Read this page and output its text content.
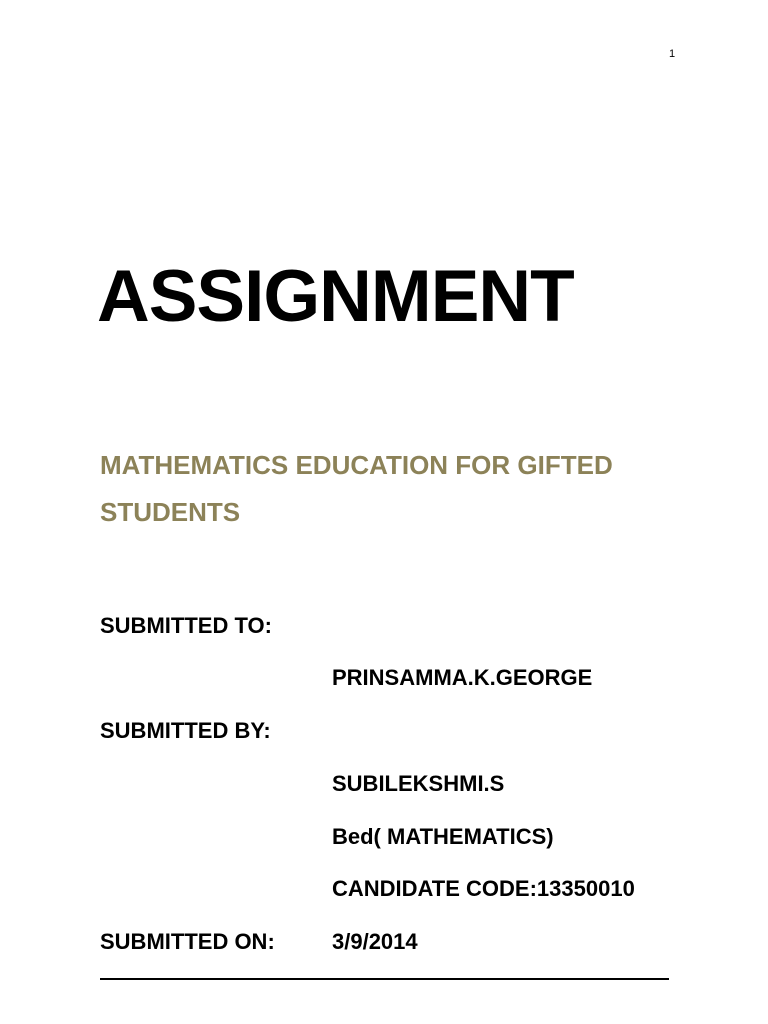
1
ASSIGNMENT
MATHEMATICS EDUCATION FOR GIFTED
STUDENTS
SUBMITTED TO:
PRINSAMMA.K.GEORGE
SUBMITTED BY:
SUBILEKSHMI.S
Bed( MATHEMATICS)
CANDIDATE CODE:13350010
SUBMITTED ON:	3/9/2014
